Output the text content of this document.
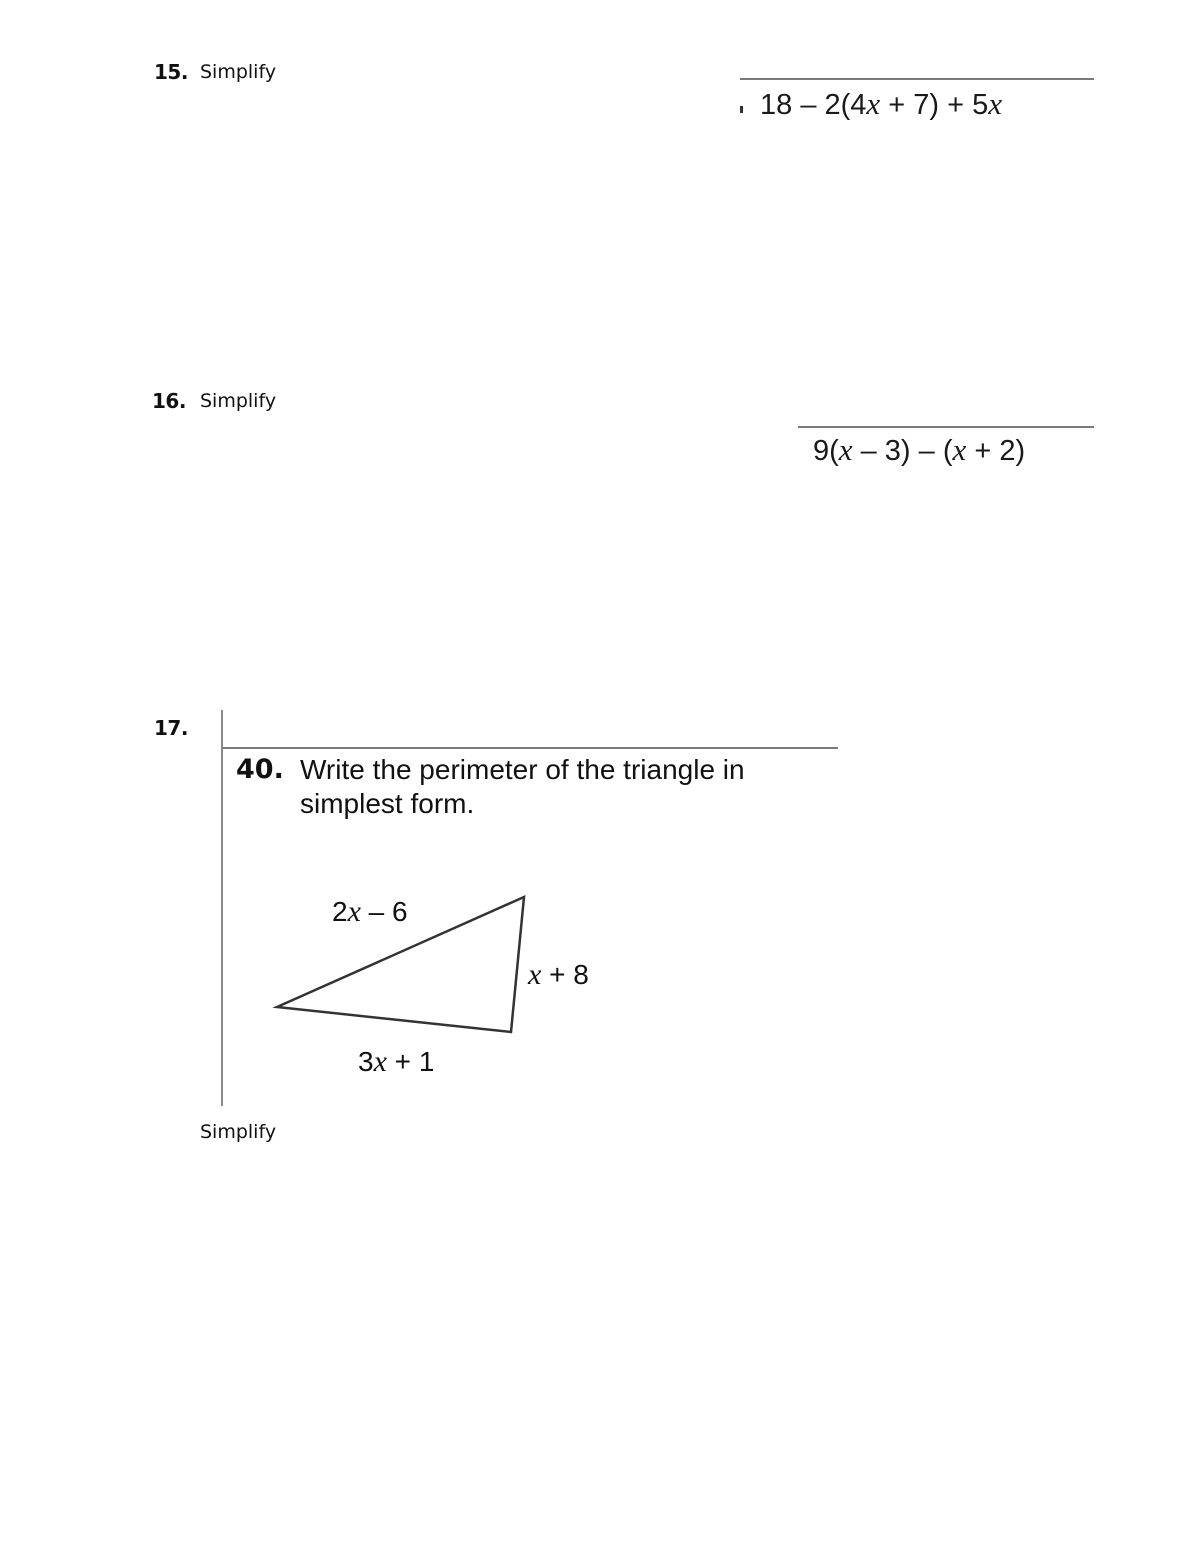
15. Simplify
18 – 2(4x + 7) + 5x
16. Simplify
9(x – 3) – (x + 2)
17.
40. Write the perimeter of the triangle in simplest form.
2x – 6
x + 8
3x + 1
Simplify
